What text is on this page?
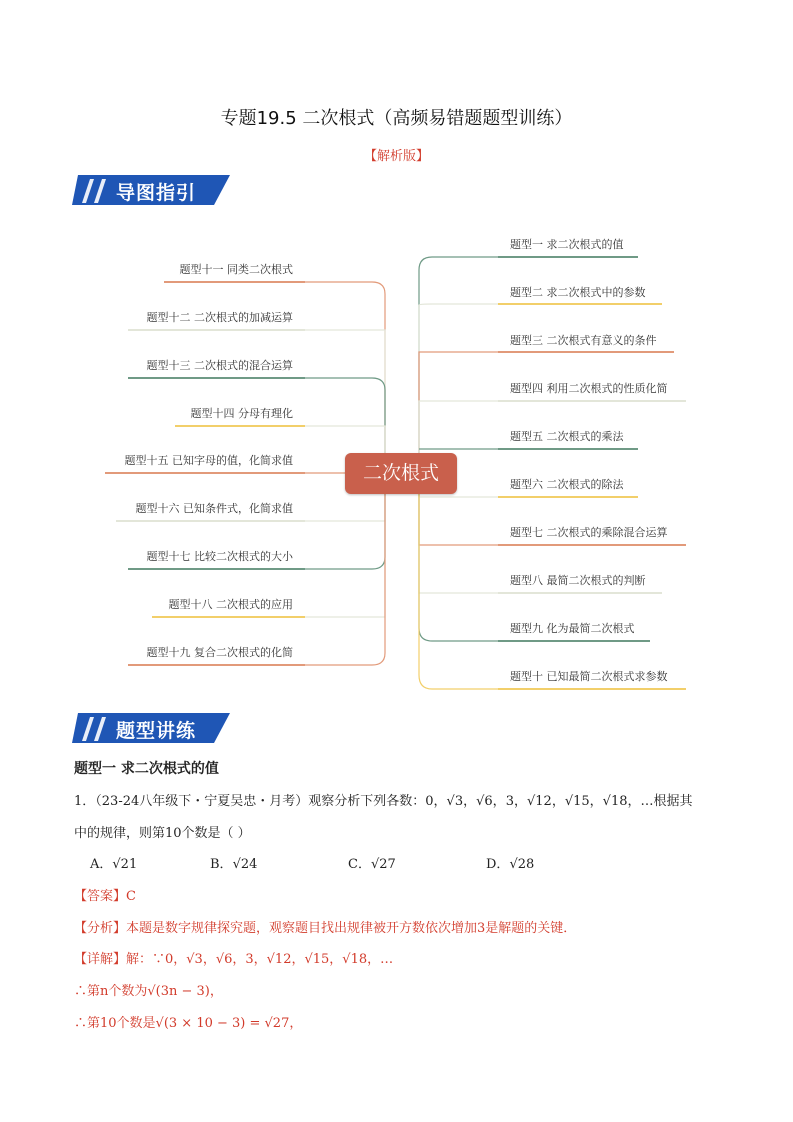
专题19.5 二次根式（高频易错题题型训练）
【解析版】
导图指引
二次根式
题型一 求二次根式的值
题型二 求二次根式中的参数
题型三 二次根式有意义的条件
题型四 利用二次根式的性质化简
题型五 二次根式的乘法
题型六 二次根式的除法
题型七 二次根式的乘除混合运算
题型八 最简二次根式的判断
题型九 化为最简二次根式
题型十 已知最简二次根式求参数
题型十一 同类二次根式
题型十二 二次根式的加减运算
题型十三 二次根式的混合运算
题型十四 分母有理化
题型十五 已知字母的值，化简求值
题型十六 已知条件式，化简求值
题型十七 比较二次根式的大小
题型十八 二次根式的应用
题型十九 复合二次根式的化简
题型讲练
题型一 求二次根式的值
1．（23-24八年级下・宁夏吴忠・月考）观察分析下列各数：0，√3，√6，3，√12，√15，√18，…根据其
中的规律，则第10个数是（ ）
A．√21	B．√24	C．√27	D．√28
【答案】C
【分析】本题是数字规律探究题，观察题目找出规律被开方数依次增加3是解题的关键．
【详解】解：∵0，√3，√6，3，√12，√15，√18，…
∴第n个数为√(3n − 3)，
∴第10个数是√(3 × 10 − 3) = √27，
